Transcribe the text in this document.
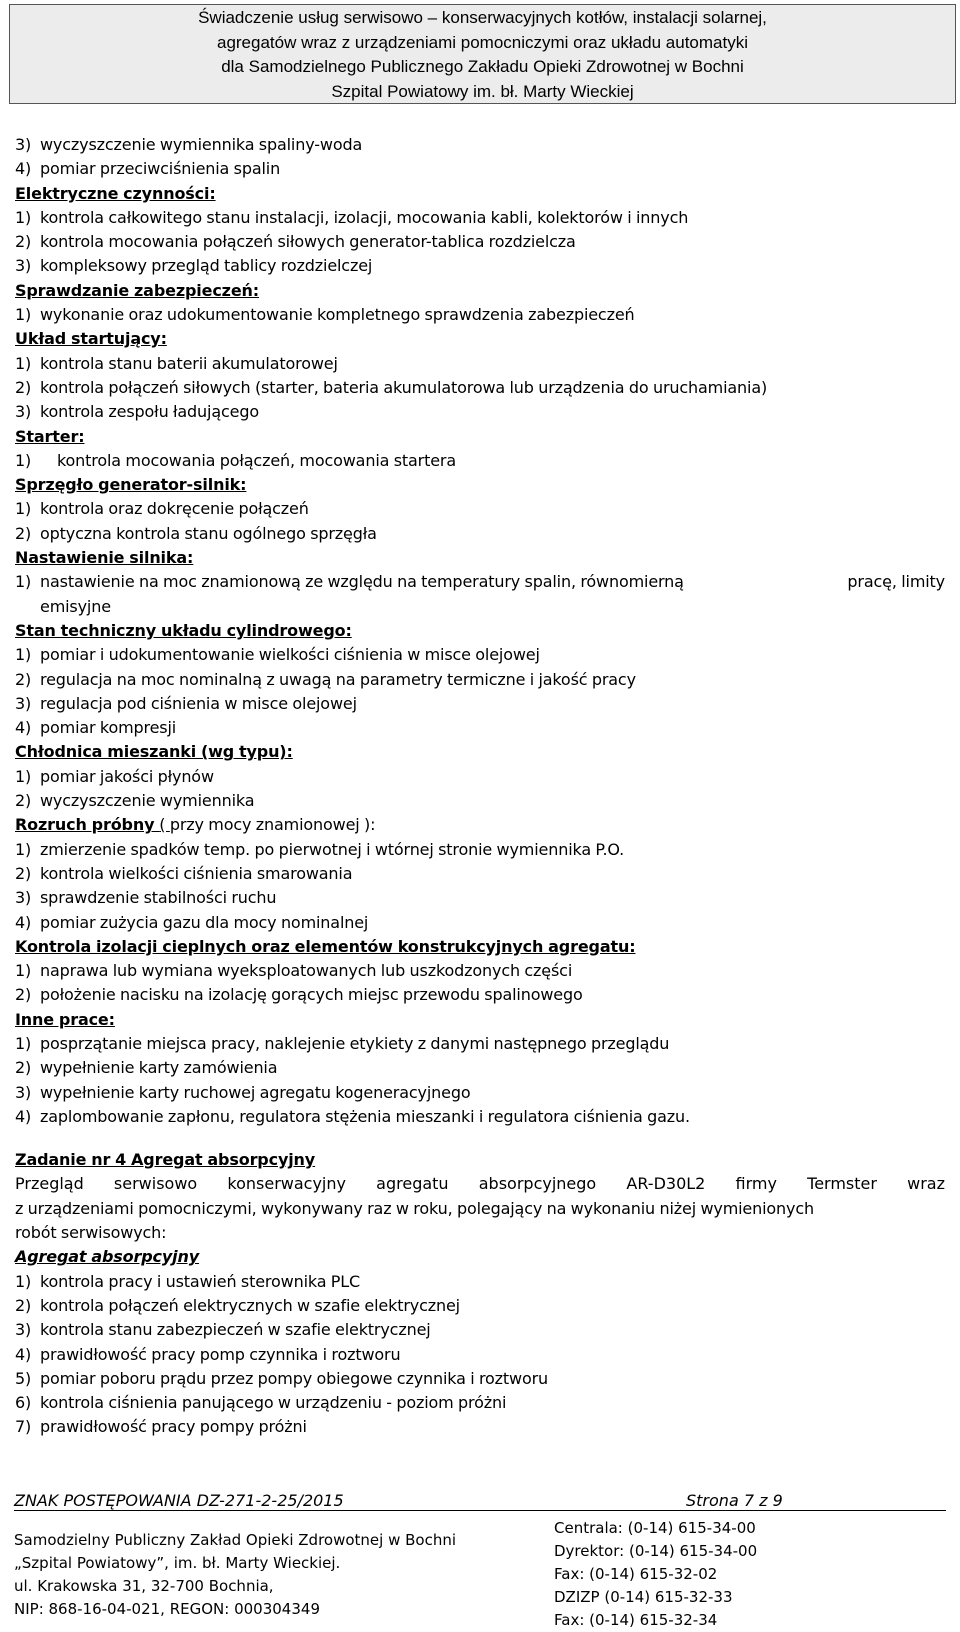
Świadczenie usług serwisowo – konserwacyjnych kotłów, instalacji solarnej,
agregatów wraz z urządzeniami pomocniczymi oraz układu automatyki
dla Samodzielnego Publicznego Zakładu Opieki Zdrowotnej w Bochni
Szpital Powiatowy im. bł. Marty Wieckiej
3) wyczyszczenie wymiennika spaliny-woda
4) pomiar przeciwciśnienia spalin
Elektryczne czynności:
1) kontrola całkowitego stanu instalacji, izolacji, mocowania kabli, kolektorów i innych
2) kontrola mocowania połączeń siłowych generator-tablica rozdzielcza
3) kompleksowy przegląd tablicy rozdzielczej
Sprawdzanie zabezpieczeń:
1) wykonanie oraz udokumentowanie kompletnego sprawdzenia zabezpieczeń
Układ startujący:
1) kontrola stanu baterii akumulatorowej
2) kontrola połączeń siłowych (starter, bateria akumulatorowa lub urządzenia do uruchamiania)
3) kontrola zespołu ładującego
Starter:
1) kontrola mocowania połączeń, mocowania startera
Sprzęgło generator-silnik:
1) kontrola oraz dokręcenie połączeń
2) optyczna kontrola stanu ogólnego sprzęgła
Nastawienie silnika:
1) nastawienie na moc znamionową ze względu na temperatury spalin, równomierną	pracę, limity
emisyjne
Stan techniczny układu cylindrowego:
1) pomiar i udokumentowanie wielkości ciśnienia w misce olejowej
2) regulacja na moc nominalną z uwagą na parametry termiczne i jakość pracy
3) regulacja pod ciśnienia w misce olejowej
4) pomiar kompresji
Chłodnica mieszanki (wg typu):
1) pomiar jakości płynów
2) wyczyszczenie wymiennika
Rozruch próbny ( przy mocy znamionowej ):
1) zmierzenie spadków temp. po pierwotnej i wtórnej stronie wymiennika P.O.
2) kontrola wielkości ciśnienia smarowania
3) sprawdzenie stabilności ruchu
4) pomiar zużycia gazu dla mocy nominalnej
Kontrola izolacji cieplnych oraz elementów konstrukcyjnych agregatu:
1) naprawa lub wymiana wyeksploatowanych lub uszkodzonych części
2) położenie nacisku na izolację gorących miejsc przewodu spalinowego
Inne prace:
1) posprzątanie miejsca pracy, naklejenie etykiety z danymi następnego przeglądu
2) wypełnienie karty zamówienia
3) wypełnienie karty ruchowej agregatu kogeneracyjnego
4) zaplombowanie zapłonu, regulatora stężenia mieszanki i regulatora ciśnienia gazu.
Zadanie nr 4 Agregat absorpcyjny
Przegląd serwisowo konserwacyjny agregatu absorpcyjnego AR-D30L2 firmy Termster wraz
z urządzeniami pomocniczymi, wykonywany raz w roku, polegający na wykonaniu niżej wymienionych
robót serwisowych:
Agregat absorpcyjny
1) kontrola pracy i ustawień sterownika PLC
2) kontrola połączeń elektrycznych w szafie elektrycznej
3) kontrola stanu zabezpieczeń w szafie elektrycznej
4) prawidłowość pracy pomp czynnika i roztworu
5) pomiar poboru prądu przez pompy obiegowe czynnika i roztworu
6) kontrola ciśnienia panującego w urządzeniu - poziom próżni
7) prawidłowość pracy pompy próżni
ZNAK POSTĘPOWANIA DZ-271-2-25/2015	Strona 7 z 9
Samodzielny Publiczny Zakład Opieki Zdrowotnej w Bochni
„Szpital Powiatowy”, im. bł. Marty Wieckiej.
ul. Krakowska 31, 32-700 Bochnia,
NIP: 868-16-04-021, REGON: 000304349
Centrala: (0-14) 615-34-00
Dyrektor: (0-14) 615-34-00
Fax: (0-14) 615-32-02
DZIZP (0-14) 615-32-33
Fax: (0-14) 615-32-34
